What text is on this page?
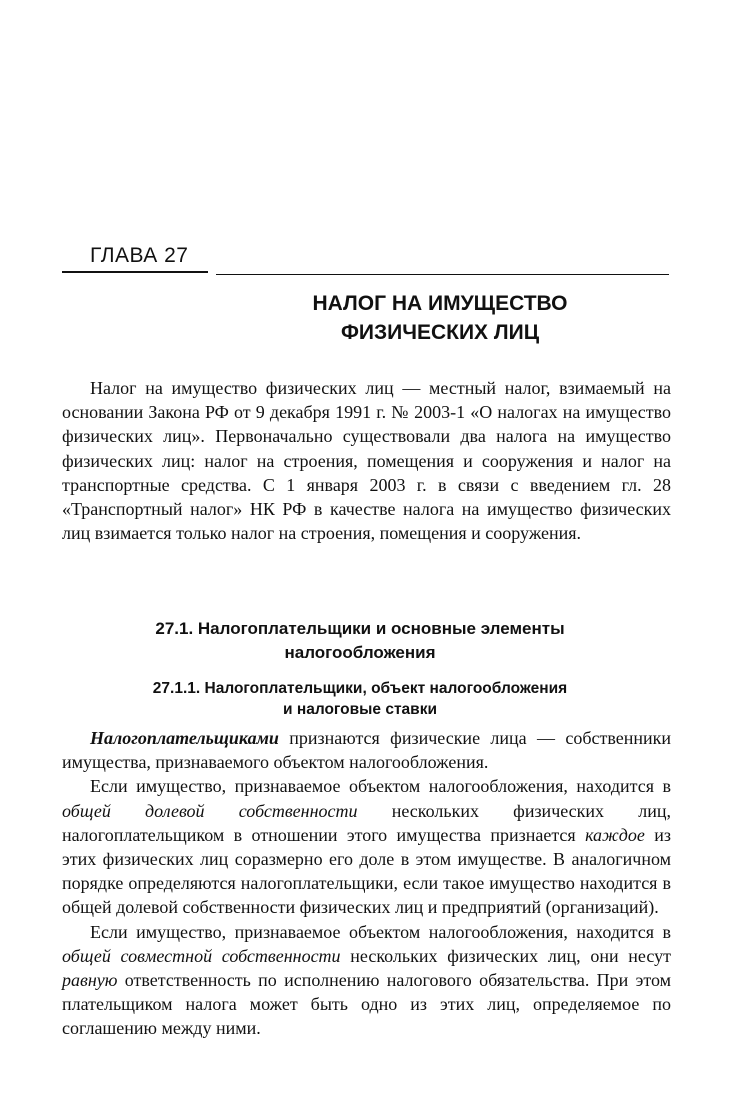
ГЛАВА 27
НАЛОГ НА ИМУЩЕСТВО
ФИЗИЧЕСКИХ ЛИЦ

Налог на имущество физических лиц — местный налог, взимаемый на основании Закона РФ от 9 декабря 1991 г. № 2003-1 «О налогах на имущество физических лиц». Первоначально существовали два налога на имущество физических лиц: налог на строения, помещения и сооружения и налог на транспортные средства. С 1 января 2003 г. в связи с введением гл. 28 «Транспортный налог» НК РФ в качестве налога на имущество физических лиц взимается только налог на строения, помещения и сооружения.

27.1. Налогоплательщики и основные элементы
налогообложения
27.1.1. Налогоплательщики, объект налогообложения
и налоговые ставки

Налогоплательщиками признаются физические лица — собственники имущества, признаваемого объектом налогообложения.

Если имущество, признаваемое объектом налогообложения, находится в общей долевой собственности нескольких физических лиц, налогоплательщиком в отношении этого имущества признается каждое из этих физических лиц соразмерно его доле в этом имуществе. В аналогичном порядке определяются налогоплательщики, если такое имущество находится в общей долевой собственности физических лиц и предприятий (организаций).

Если имущество, признаваемое объектом налогообложения, находится в общей совместной собственности нескольких физических лиц, они несут равную ответственность по исполнению налогового обязательства. При этом плательщиком налога может быть одно из этих лиц, определяемое по соглашению между ними.
